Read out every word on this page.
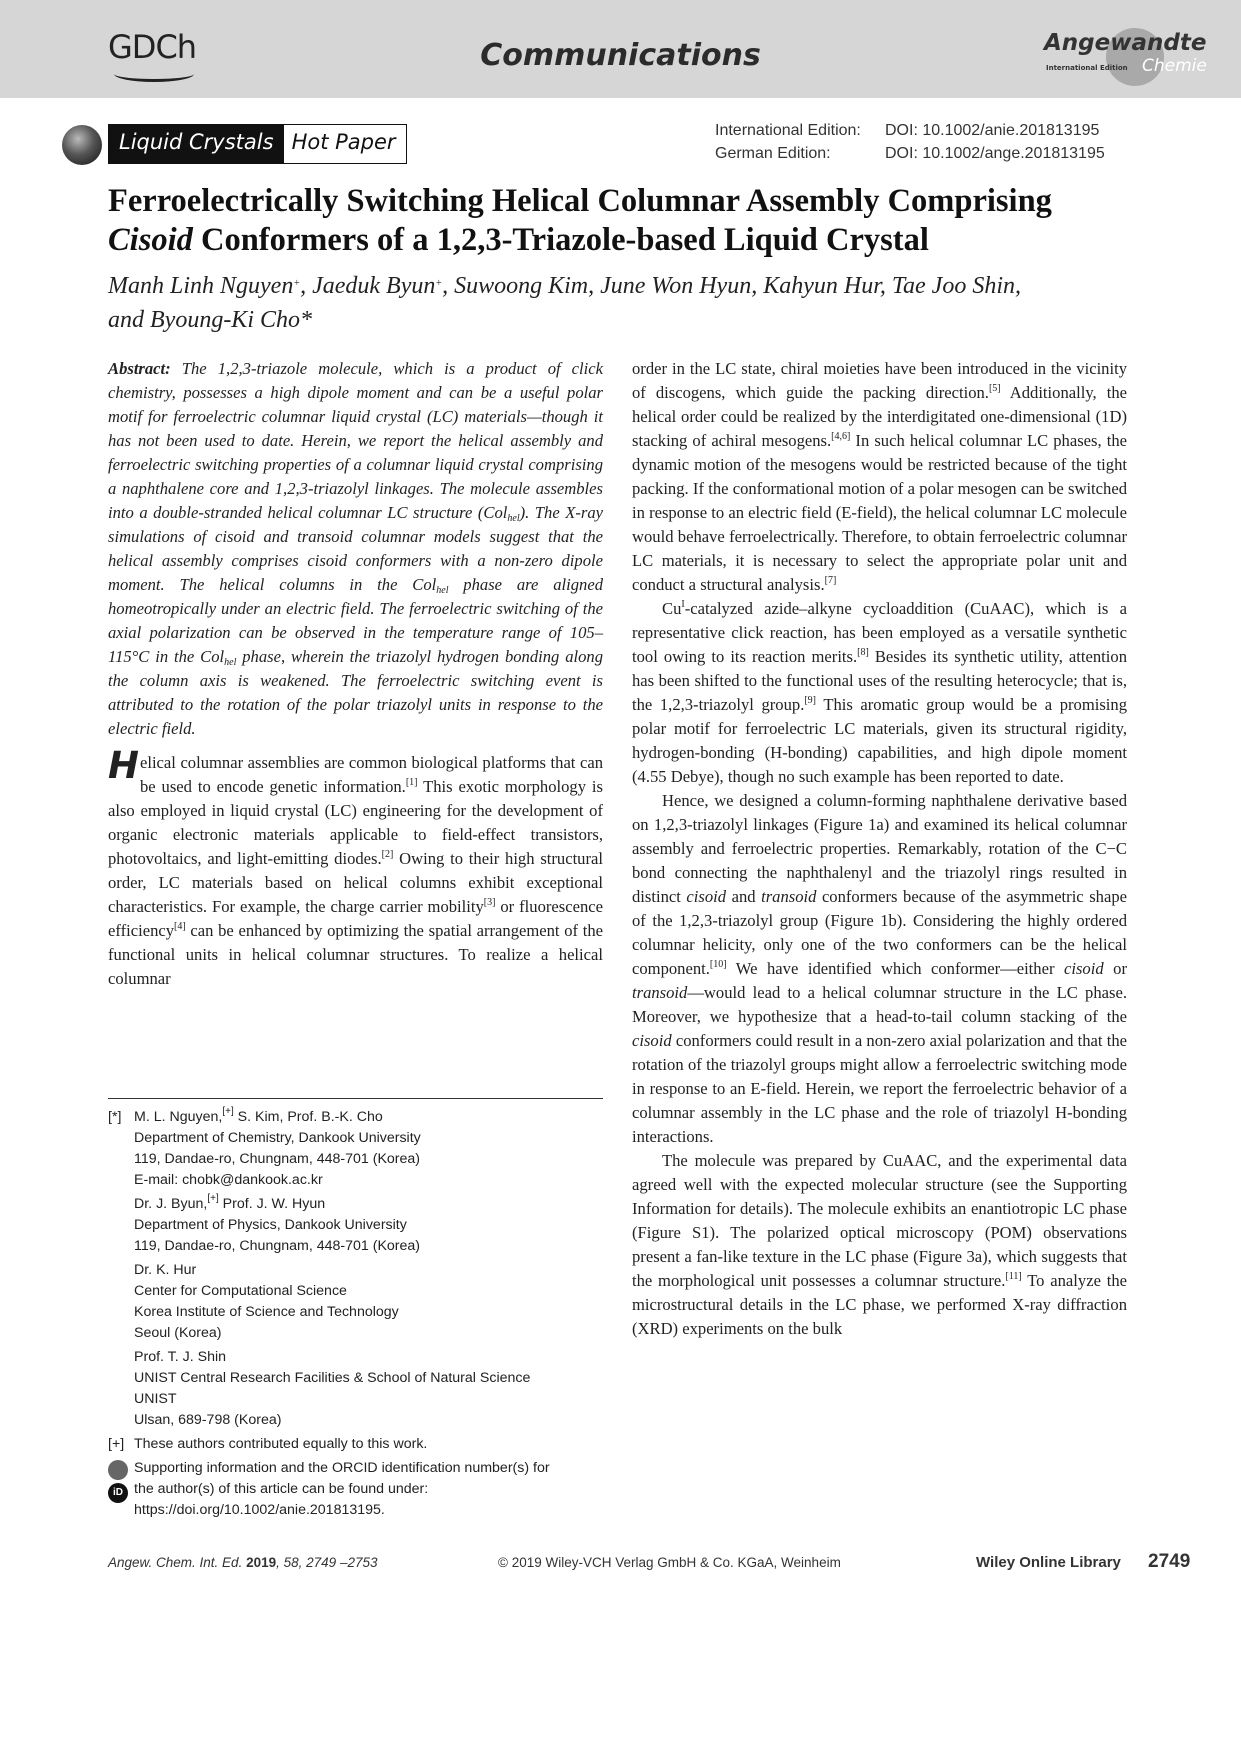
GDCh	Communications	Angewandte
Chemie
International Edition
Liquid Crystals Hot Paper	International Edition: DOI: 10.1002/anie.201813195
German Edition:	DOI: 10.1002/ange.201813195
Ferroelectrically Switching Helical Columnar Assembly Comprising
Cisoid Conformers of a 1,2,3-Triazole-based Liquid Crystal
Manh Linh Nguyen+, Jaeduk Byun+, Suwoong Kim, June Won Hyun, Kahyun Hur, Tae Joo Shin,
and Byoung-Ki Cho*

Abstract: The 1,2,3-triazole molecule, which is a product of click chemistry, possesses a high dipole moment and can be a useful polar motif for ferroelectric columnar liquid crystal (LC) materials—though it has not been used to date. Herein, we report the helical assembly and ferroelectric switching properties of a columnar liquid crystal comprising a naphthalene core and 1,2,3-triazolyl linkages. The molecule assembles into a double-stranded helical columnar LC structure (Col$_{hel}$). The X-ray simulations of cisoid and transoid columnar models suggest that the helical assembly comprises cisoid conformers with a non-zero dipole moment. The helical columns in the Col$_{hel}$ phase are aligned homeotropically under an electric field. The ferroelectric switching of the axial polarization can be observed in the temperature range of 105–115°C in the Col$_{hel}$ phase, wherein the triazolyl hydrogen bonding along the column axis is weakened. The ferroelectric switching event is attributed to the rotation of the polar triazolyl units in response to the electric field.

Helical columnar assemblies are common biological platforms that can be used to encode genetic information.[1] This exotic morphology is also employed in liquid crystal (LC) engineering for the development of organic electronic materials applicable to field-effect transistors, photovoltaics, and light-emitting diodes.[2] Owing to their high structural order, LC materials based on helical columns exhibit exceptional characteristics. For example, the charge carrier mobility[3] or fluorescence efficiency[4] can be enhanced by optimizing the spatial arrangement of the functional units in helical columnar structures. To realize a helical columnar

order in the LC state, chiral moieties have been introduced in the vicinity of discogens, which guide the packing direction.[5] Additionally, the helical order could be realized by the interdigitated one-dimensional (1D) stacking of achiral mesogens.[4,6] In such helical columnar LC phases, the dynamic motion of the mesogens would be restricted because of the tight packing. If the conformational motion of a polar mesogen can be switched in response to an electric field (E-field), the helical columnar LC molecule would behave ferroelectrically. Therefore, to obtain ferroelectric columnar LC materials, it is necessary to select the appropriate polar unit and conduct a structural analysis.[7]

$Cu^I$-catalyzed azide–alkyne cycloaddition (CuAAC), which is a representative click reaction, has been employed as a versatile synthetic tool owing to its reaction merits.[8] Besides its synthetic utility, attention has been shifted to the functional uses of the resulting heterocycle; that is, the 1,2,3-triazolyl group.[9] This aromatic group would be a promising polar motif for ferroelectric LC materials, given its structural rigidity, hydrogen-bonding (H-bonding) capabilities, and high dipole moment (4.55 Debye), though no such example has been reported to date.

Hence, we designed a column-forming naphthalene derivative based on 1,2,3-triazolyl linkages (Figure 1a) and examined its helical columnar assembly and ferroelectric properties. Remarkably, rotation of the C−C bond connecting the naphthalenyl and the triazolyl rings resulted in distinct cisoid and transoid conformers because of the asymmetric shape of the 1,2,3-triazolyl group (Figure 1b). Considering the highly ordered columnar helicity, only one of the two conformers can be the helical component.[10] We have identified which conformer—either cisoid or transoid—would lead to a helical columnar structure in the LC phase. Moreover, we hypothesize that a head-to-tail column stacking of the cisoid conformers could result in a non-zero axial polarization and that the rotation of the triazolyl groups might allow a ferroelectric switching mode in response to an E-field. Herein, we report the ferroelectric behavior of a columnar assembly in the LC phase and the role of triazolyl H-bonding interactions.

The molecule was prepared by CuAAC, and the experimental data agreed well with the expected molecular structure (see the Supporting Information for details). The molecule exhibits an enantiotropic LC phase (Figure S1). The polarized optical microscopy (POM) observations present a fan-like texture in the LC phase (Figure 3a), which suggests that the morphological unit possesses a columnar structure.[11] To analyze the microstructural details in the LC phase, we performed X-ray diffraction (XRD) experiments on the bulk

[*] M. L. Nguyen,[+] S. Kim, Prof. B.-K. Cho
Department of Chemistry, Dankook University
119, Dandae-ro, Chungnam, 448-701 (Korea)
E-mail: chobk@dankook.ac.kr
Dr. J. Byun,[+] Prof. J. W. Hyun
Department of Physics, Dankook University
119, Dandae-ro, Chungnam, 448-701 (Korea)
Dr. K. Hur
Center for Computational Science
Korea Institute of Science and Technology
Seoul (Korea)
Prof. T. J. Shin
UNIST Central Research Facilities & School of Natural Science
UNIST
Ulsan, 689-798 (Korea)
[+] These authors contributed equally to this work.
iD
Supporting information and the ORCID identification number(s) for
the author(s) of this article can be found under:
https://doi.org/10.1002/anie.201813195.
Angew. Chem. Int. Ed. 2019, 58, 2749 –2753	© 2019 Wiley-VCH Verlag GmbH & Co. KGaA, Weinheim	Wiley Online Library 2749
